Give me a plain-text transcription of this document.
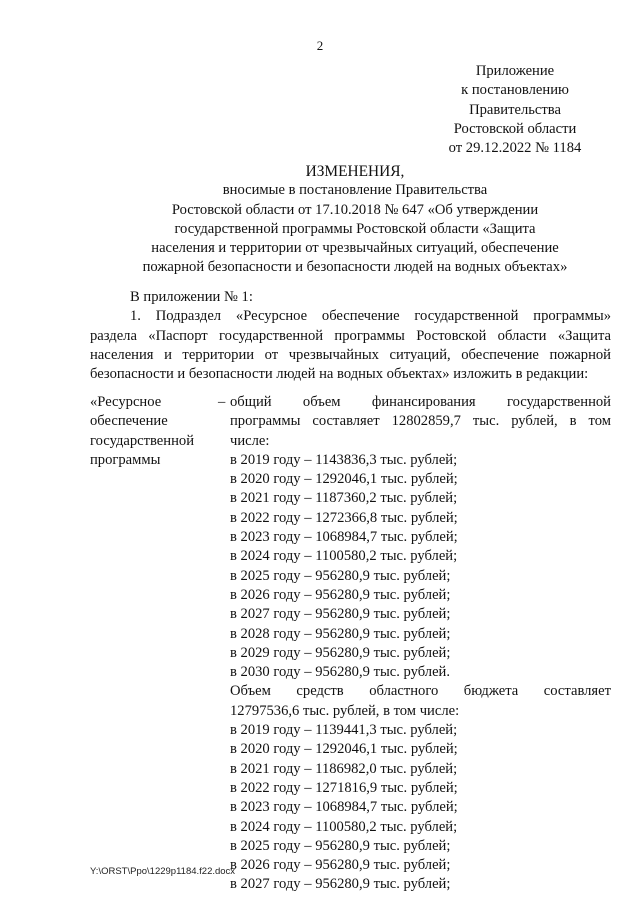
2
Приложение
к постановлению
Правительства
Ростовской области
от 29.12.2022 № 1184
ИЗМЕНЕНИЯ,
вносимые в постановление Правительства
Ростовской области от 17.10.2018 № 647 «Об утверждении
государственной программы Ростовской области «Защита
населения и территории от чрезвычайных ситуаций, обеспечение
пожарной безопасности и безопасности людей на водных объектах»
В приложении № 1:
1. Подраздел «Ресурсное обеспечение государственной программы»
раздела «Паспорт государственной программы Ростовской области «Защита
населения и территории от чрезвычайных ситуаций, обеспечение пожарной
безопасности и безопасности людей на водных объектах» изложить в редакции:
«Ресурсное
обеспечение
государственной
программы
– общий объем финансирования государственной
программы составляет 12802859,7 тыс. рублей, в том
числе:
в 2019 году – 1143836,3 тыс. рублей;
в 2020 году – 1292046,1 тыс. рублей;
в 2021 году – 1187360,2 тыс. рублей;
в 2022 году – 1272366,8 тыс. рублей;
в 2023 году – 1068984,7 тыс. рублей;
в 2024 году – 1100580,2 тыс. рублей;
в 2025 году – 956280,9 тыс. рублей;
в 2026 году – 956280,9 тыс. рублей;
в 2027 году – 956280,9 тыс. рублей;
в 2028 году – 956280,9 тыс. рублей;
в 2029 году – 956280,9 тыс. рублей;
в 2030 году – 956280,9 тыс. рублей.
Объем средств областного бюджета составляет
12797536,6 тыс. рублей, в том числе:
в 2019 году – 1139441,3 тыс. рублей;
в 2020 году – 1292046,1 тыс. рублей;
в 2021 году – 1186982,0 тыс. рублей;
в 2022 году – 1271816,9 тыс. рублей;
в 2023 году – 1068984,7 тыс. рублей;
в 2024 году – 1100580,2 тыс. рублей;
в 2025 году – 956280,9 тыс. рублей;
в 2026 году – 956280,9 тыс. рублей;
в 2027 году – 956280,9 тыс. рублей;
Y:\ORST\Ppo\1229p1184.f22.docx
